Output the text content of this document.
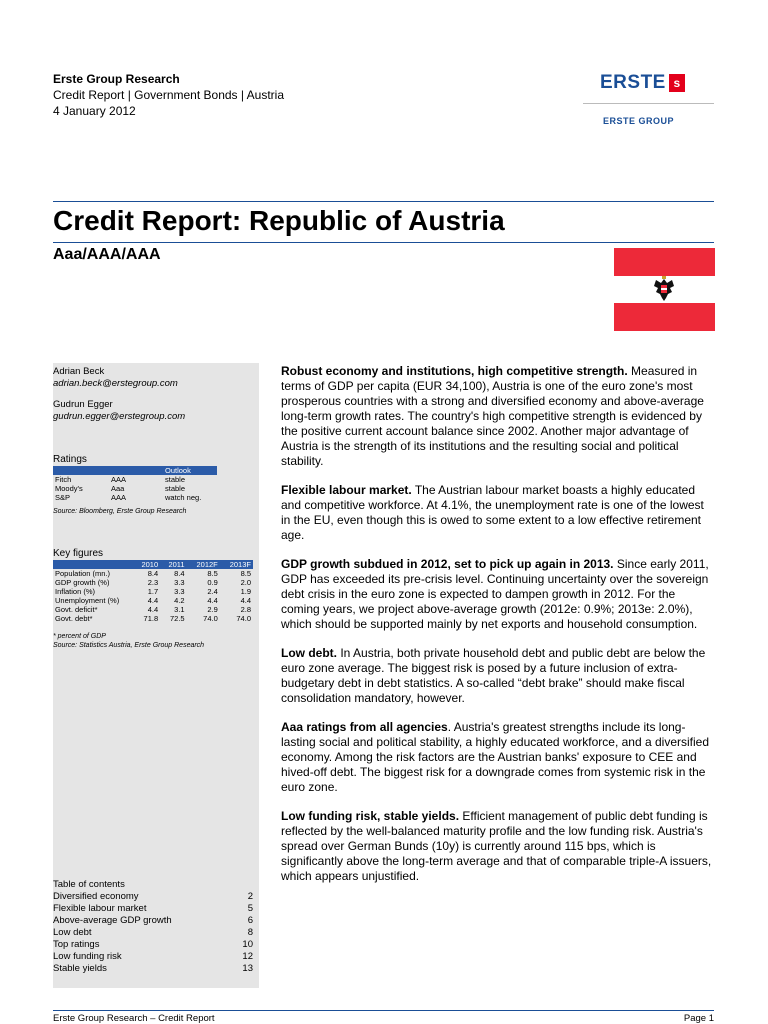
Erste Group Research
Credit Report | Government Bonds | Austria
4 January 2012
ERSTE s
ERSTE GROUP
Credit Report: Republic of Austria
Aaa/AAA/AAA
Adrian Beck
adrian.beck@erstegroup.com
Gudrun Egger
gudrun.egger@erstegroup.com
Ratings
		Outlook
Fitch	AAA	stable
Moody's	Aaa	stable
S&P	AAA	watch neg.
Source: Bloomberg, Erste Group Research
Key figures
	2010	2011	2012F	2013F
Population (mn.)	8.4	8.4	8.5	8.5
GDP growth (%)	2.3	3.3	0.9	2.0
Inflation (%)	1.7	3.3	2.4	1.9
Unemployment (%)	4.4	4.2	4.4	4.4
Govt. deficit*	4.4	3.1	2.9	2.8
Govt. debt*	71.8	72.5	74.0	74.0
* percent of GDP
Source: Statistics Austria, Erste Group Research
Table of contents
Diversified economy	2
Flexible labour market	5
Above-average GDP growth	6
Low debt	8
Top ratings	10
Low funding risk	12
Stable yields	13

Robust economy and institutions, high competitive strength. Measured in terms of GDP per capita (EUR 34,100), Austria is one of the euro zone's most prosperous countries with a strong and diversified economy and above-average long-term growth rates. The country's high competitive strength is evidenced by the positive current account balance since 2002. Another major advantage of Austria is the strength of its institutions and the resulting social and political stability.

Flexible labour market. The Austrian labour market boasts a highly educated and competitive workforce. At 4.1%, the unemployment rate is one of the lowest in the EU, even though this is owed to some extent to a low effective retirement age.

GDP growth subdued in 2012, set to pick up again in 2013. Since early 2011, GDP has exceeded its pre-crisis level. Continuing uncertainty over the sovereign debt crisis in the euro zone is expected to dampen growth in 2012. For the coming years, we project above-average growth (2012e: 0.9%; 2013e: 2.0%), which should be supported mainly by net exports and household consumption.

Low debt. In Austria, both private household debt and public debt are below the euro zone average. The biggest risk is posed by a future inclusion of extra-budgetary debt in debt statistics. A so-called “debt brake” should make fiscal consolidation mandatory, however.

Aaa ratings from all agencies. Austria's greatest strengths include its long-lasting social and political stability, a highly educated workforce, and a diversified economy. Among the risk factors are the Austrian banks' exposure to CEE and hived-off debt. The biggest risk for a downgrade comes from systemic risk in the euro zone.

Low funding risk, stable yields. Efficient management of public debt funding is reflected by the well-balanced maturity profile and the low funding risk. Austria's spread over German Bunds (10y) is currently around 115 bps, which is significantly above the long-term average and that of comparable triple-A issuers, which appears unjustified.

Erste Group Research – Credit Report	Page 1
